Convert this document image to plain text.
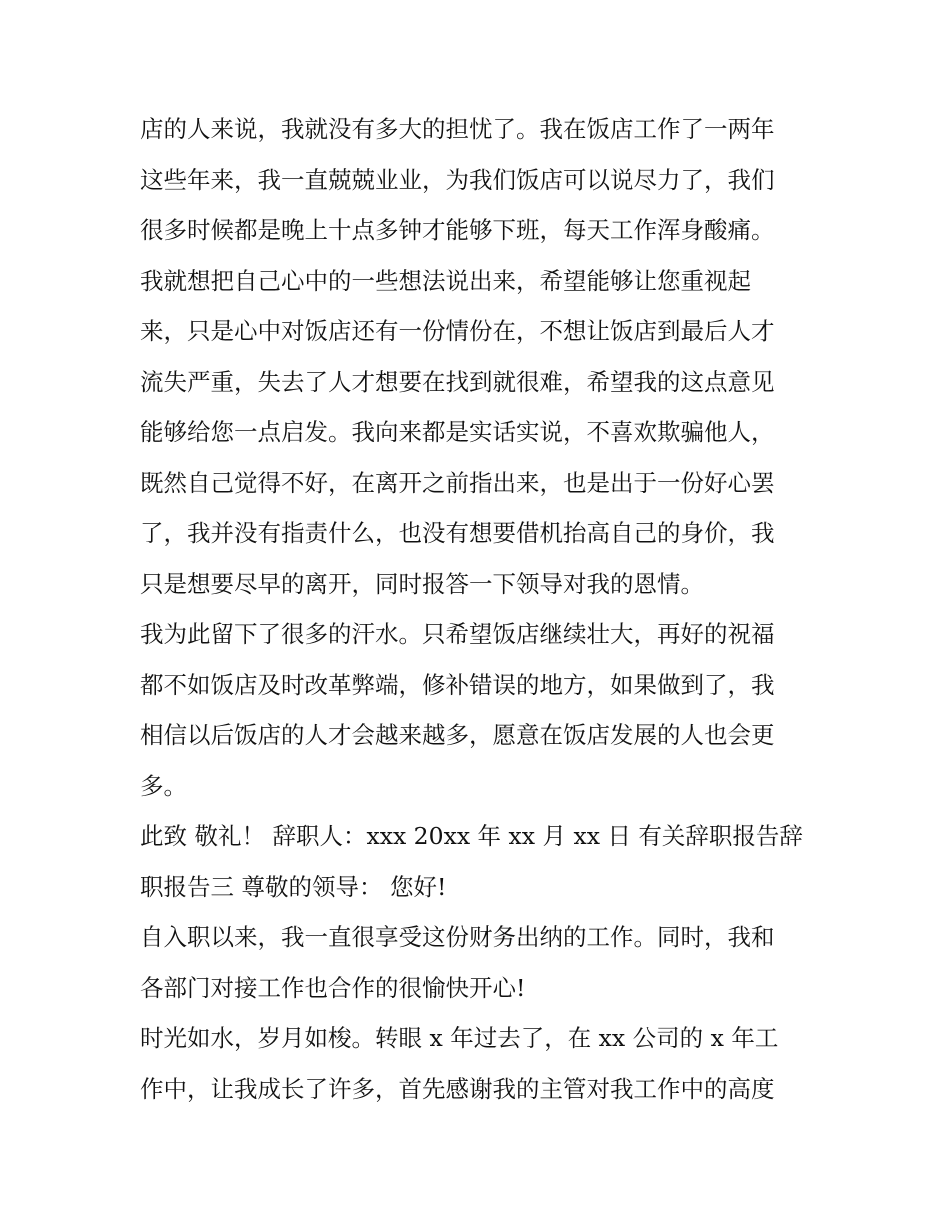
店的人来说，我就没有多大的担忧了。我在饭店工作了一两年
这些年来，我一直兢兢业业，为我们饭店可以说尽力了，我们
很多时候都是晚上十点多钟才能够下班，每天工作浑身酸痛。
我就想把自己心中的一些想法说出来，希望能够让您重视起
来，只是心中对饭店还有一份情份在，不想让饭店到最后人才
流失严重，失去了人才想要在找到就很难，希望我的这点意见
能够给您一点启发。我向来都是实话实说，不喜欢欺骗他人，
既然自己觉得不好，在离开之前指出来，也是出于一份好心罢
了，我并没有指责什么，也没有想要借机抬高自己的身价，我
只是想要尽早的离开，同时报答一下领导对我的恩情。
我为此留下了很多的汗水。只希望饭店继续壮大，再好的祝福
都不如饭店及时改革弊端，修补错误的地方，如果做到了，我
相信以后饭店的人才会越来越多，愿意在饭店发展的人也会更
多。
此致 敬礼！ 辞职人：xxx 20xx 年 xx 月 xx 日 有关辞职报告辞
职报告三 尊敬的领导： 您好!
自入职以来，我一直很享受这份财务出纳的工作。同时，我和
各部门对接工作也合作的很愉快开心!
时光如水，岁月如梭。转眼 x 年过去了，在 xx 公司的 x 年工
作中，让我成长了许多，首先感谢我的主管对我工作中的高度
